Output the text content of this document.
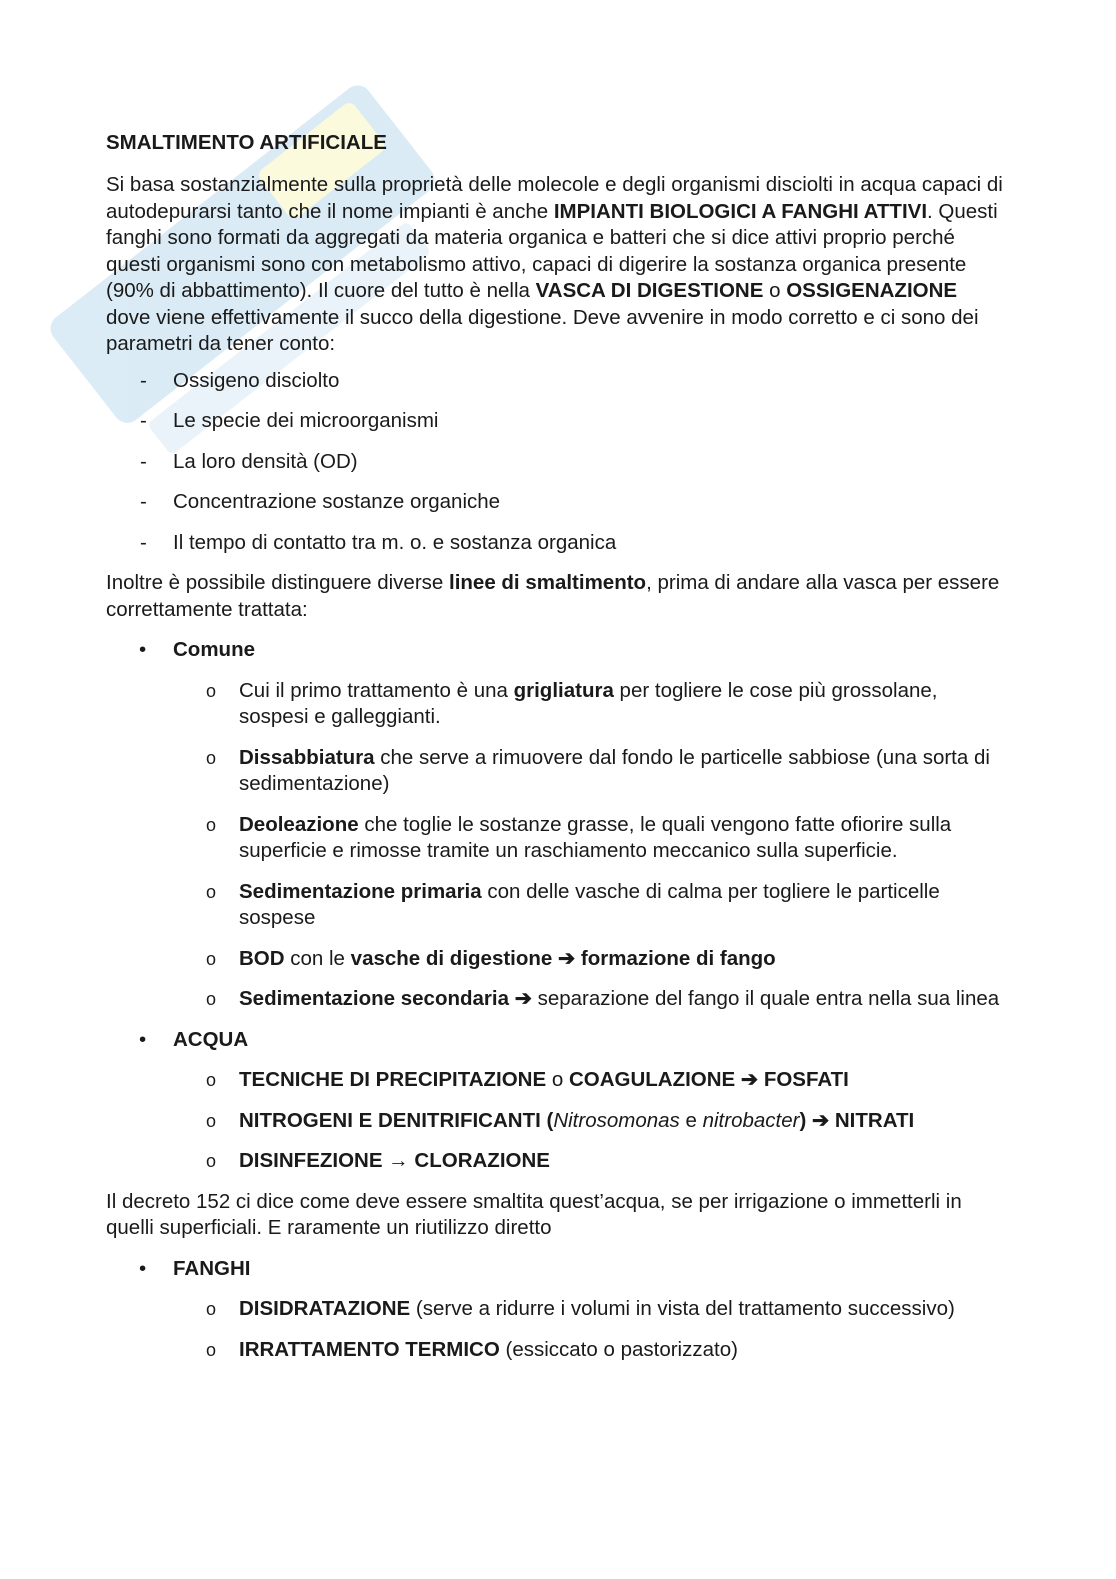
SMALTIMENTO ARTIFICIALE

Si basa sostanzialmente sulla proprietà delle molecole e degli organismi disciolti in acqua capaci di autodepurarsi tanto che il nome impianti è anche IMPIANTI BIOLOGICI A FANGHI ATTIVI. Questi fanghi sono formati da aggregati da materia organica e batteri che si dice attivi proprio perché questi organismi sono con metabolismo attivo, capaci di digerire la sostanza organica presente (90% di abbattimento). Il cuore del tutto è nella VASCA DI DIGESTIONE o OSSIGENAZIONE dove viene effettivamente il succo della digestione. Deve avvenire in modo corretto e ci sono dei parametri da tener conto:

- Ossigeno disciolto
- Le specie dei microorganismi
- La loro densità (OD)
- Concentrazione sostanze organiche
- Il tempo di contatto tra m. o. e sostanza organica

Inoltre è possibile distinguere diverse linee di smaltimento, prima di andare alla vasca per essere correttamente trattata:

• Comune
o Cui il primo trattamento è una grigliatura per togliere le cose più grossolane, sospesi e galleggianti.
o Dissabbiatura che serve a rimuovere dal fondo le particelle sabbiose (una sorta di sedimentazione)
o Deoleazione che toglie le sostanze grasse, le quali vengono fatte ofiorire sulla superficie e rimosse tramite un raschiamento meccanico sulla superficie.
o Sedimentazione primaria con delle vasche di calma per togliere le particelle sospese
o BOD con le vasche di digestione ➔ formazione di fango
o Sedimentazione secondaria ➔ separazione del fango il quale entra nella sua linea
• ACQUA
o TECNICHE DI PRECIPITAZIONE o COAGULAZIONE ➔ FOSFATI
o NITROGENI E DENITRIFICANTI (Nitrosomonas e nitrobacter) ➔ NITRATI
o DISINFEZIONE → CLORAZIONE

Il decreto 152 ci dice come deve essere smaltita quest’acqua, se per irrigazione o immetterli in quelli superficiali. E raramente un riutilizzo diretto

• FANGHI
o DISIDRATAZIONE (serve a ridurre i volumi in vista del trattamento successivo)
o IRRATTAMENTO TERMICO (essiccato o pastorizzato)
